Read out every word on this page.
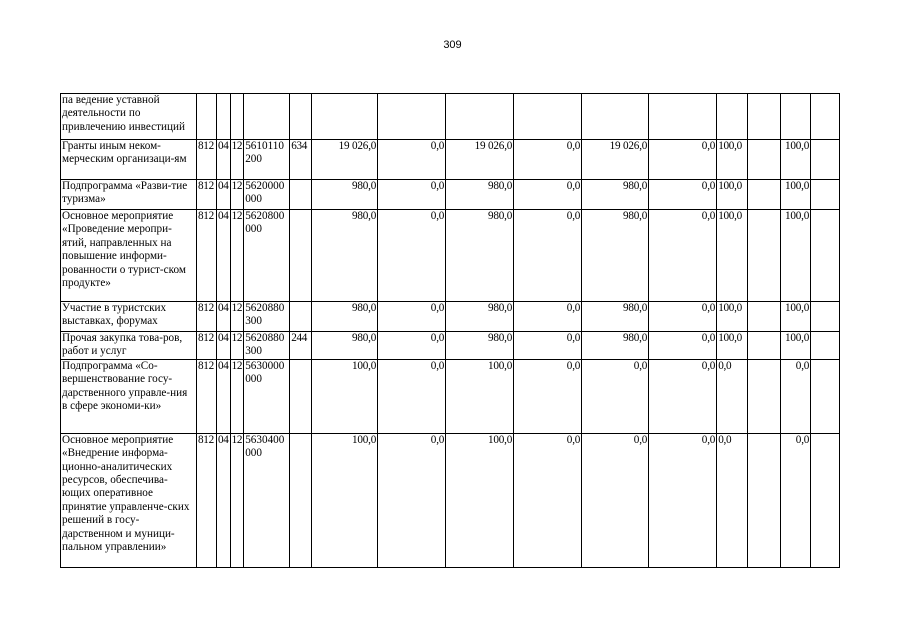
309
па ведение уставной деятельности по привлечению инвестиций															
Гранты иным неком-мерческим организаци-ям	812	04	12	5610110200	634	19 026,0	0,0	19 026,0	0,0	19 026,0	0,0	100,0		100,0	
Подпрограмма «Разви-тие туризма»	812	04	12	5620000000		980,0	0,0	980,0	0,0	980,0	0,0	100,0		100,0	
Основное мероприятие «Проведение меропри-ятий, направленных на повышение информи-рованности о турист-ском продукте»	812	04	12	5620800000		980,0	0,0	980,0	0,0	980,0	0,0	100,0		100,0	
Участие в туристских выставках, форумах	812	04	12	5620880300		980,0	0,0	980,0	0,0	980,0	0,0	100,0		100,0	
Прочая закупка това-ров, работ и услуг	812	04	12	5620880300	244	980,0	0,0	980,0	0,0	980,0	0,0	100,0		100,0	
Подпрограмма «Со-вершенствование госу-дарственного управле-ния в сфере экономи-ки»	812	04	12	5630000000		100,0	0,0	100,0	0,0	0,0	0,0	0,0		0,0	
Основное мероприятие «Внедрение информа-ционно-аналитических ресурсов, обеспечива-ющих оперативное принятие управленче-ских решений в госу-дарственном и муници-пальном управлении»	812	04	12	5630400000		100,0	0,0	100,0	0,0	0,0	0,0	0,0		0,0	
